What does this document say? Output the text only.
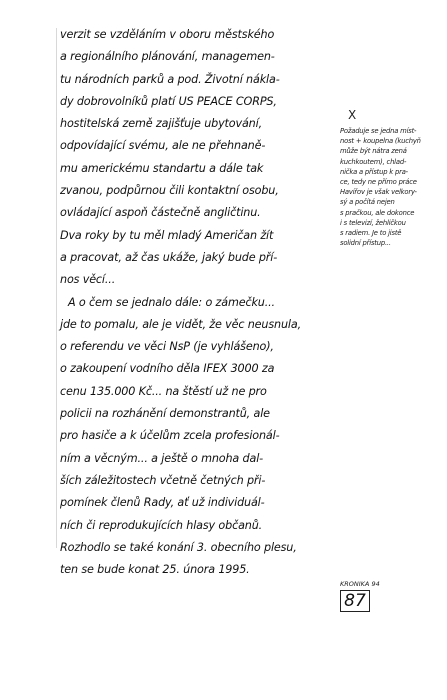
verzit se vzděláním v oboru městského
a regionálního plánování, managemen-
tu národních parků a pod. Životní nákla-
dy dobrovolníků platí US PEACE CORPS,
hostitelská země zajišťuje ubytování,
odpovídající svému, ale ne přehnaně-
mu americkému standartu a dále tak
zvanou, podpůrnou čili kontaktní osobu,
ovládající aspoň částečně angličtinu.
Dva roky by tu měl mladý Američan žít
a pracovat, až čas ukáže, jaký bude pří-
nos věcí...
A o čem se jednalo dále: o zámečku...
jde to pomalu, ale je vidět, že věc neusnula,
o referendu ve věci NsP (je vyhlášeno),
o zakoupení vodního děla IFEX 3000 za
cenu 135.000 Kč... na štěstí už ne pro
policii na rozhánění demonstrantů, ale
pro hasiče a k účelům zcela profesionál-
ním a věcným... a ještě o mnoha dal-
ších záležitostech včetně četných při-
pomínek členů Rady, ať už individuál-
ních či reprodukujících hlasy občanů.
Rozhodlo se také konání 3. obecního plesu,
ten se bude konat 25. února 1995.
X
Požaduje se jedna míst-
nost + koupelna (kuchyň
může být nátra zená
kuchkoutem), chlad-
nička a přístup k pra-
ce, tedy ne přímo práce
Havířov je však velkory-
sý a počítá nejen
s pračkou, ale dokonce
i s televizí, žehličkou
s radiem. Je to jistě
solidní přístup...
KRONIKA 94
87
